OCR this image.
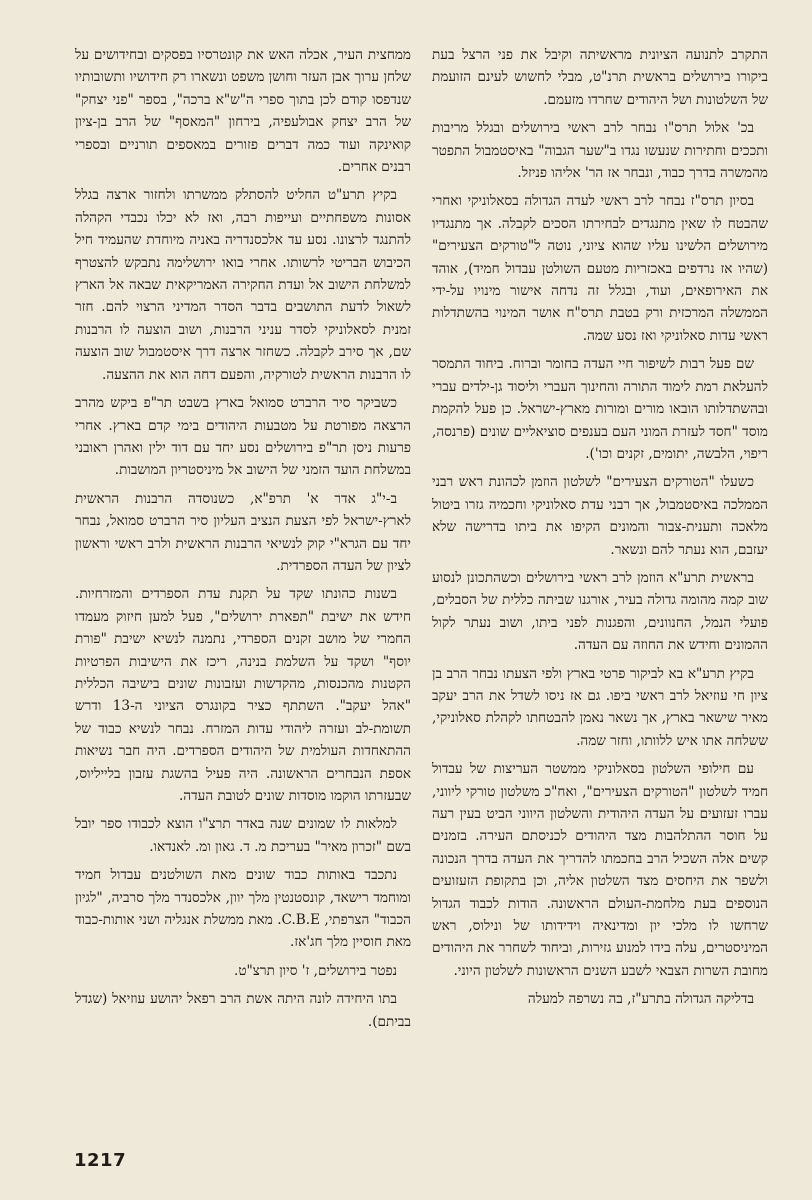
התקרב לתנועה הציונית מראשיתה וקיבל את פני הרצל בעת ביקורו בירושלים בראשית תרנ"ט, מבלי לחשוש לעינם הזועמת של השלטונות ושל היהודים שחרדו מזעמם.

בכ' אלול תרס"ו נבחר לרב ראשי בירושלים ובגלל מריבות ותככים וחתירות שנעשו נגדו ב"שער הגבוה" באיסטמבול התפטר מהמשרה בדרך כבוד, ונבחר אז הר' אליהו פניזל.

בסיון תרס"ז נבחר לרב ראשי לעדה הגדולה בסאלוניקי ואחרי שהבטח לו שאין מתנגדים לבחירתו הסכים לקבלה. אך מתנגדיו מירושלים הלשינו עליו שהוא ציוני, נוטה ל"טורקים הצעירים" (שהיו אז נרדפים באכזריות מטעם השולטן עבדול חמיד), אוהד את האירופאים, ועוד, ובגלל זה נדחה אישור מינויו על-ידי הממשלה המרכזית ורק בטבת תרס"ח אושר המינוי בהשתדלות ראשי עדות סאלוניקי ואז נסע שמה.

שם פעל רבות לשיפור חיי העדה בחומר וברוח. ביחוד התמסר להעלאת רמת לימוד התורה והחינוך העברי וליסוד גן-ילדים עברי ובהשתדלותו הובאו מורים ומורות מארץ-ישראל. כן פעל להקמת מוסד "חסד לעזרת המוני העם בענפים סוציאליים שונים (פרנסה, ריפוי, הלבשה, יתומים, זקנים וכו').

כשעלו "הטורקים הצעירים" לשלטון הוזמן לכהונת ראש רבני הממלכה באיסטמבול, אך רבני עדת סאלוניקי וחכמיה גזרו ביטול מלאכה ותענית-צבור והמונים הקיפו את ביתו בדרישה שלא יעזבם, הוא נעתר להם ונשאר.

בראשית תרע"א הוזמן לרב ראשי בירושלים וכשהתכונן לנסוע שוב קמה מהומה גדולה בעיר, אורגנו שביתה כללית של הסבלים, פועלי הנמל, החנוונים, והפגנות לפני ביתו, ושוב נעתר לקול ההמונים וחידש את החוזה עם העדה.

בקיץ תרע"א בא לביקור פרטי בארץ ולפי הצעתו נבחר הרב בן ציון חי עוזיאל לרב ראשי ביפו. גם אז ניסו לשדל את הרב יעקב מאיר שישאר בארץ, אך נשאר נאמן להבטחתו לקהלת סאלוניקי, ששלחה אתו איש ללוותו, וחזר שמה.

עם חילופי השלטון בסאלוניקי ממשטר העריצות של עבדול חמיד לשלטון "הטורקים הצעירים", ואח"כ משלטון טורקי ליווני, עברו זעזועים על העדה היהודית והשלטון היווני הביט בעין רעה על חוסר ההתלהבות מצד היהודים לכניסתם העירה. בזמנים קשים אלה השכיל הרב בחכמתו להדריך את העדה בדרך הנכונה ולשפר את היחסים מצד השלטון אליה, וכן בתקופת הזעזועים הנוספים בעת מלחמת-העולם הראשונה. הודות לכבוד הגדול שרחשו לו מלכי יון ומדינאיה וידידותו של ונילוס, ראש המיניסטרים, עלה בידו למנוע גזירות, וביחוד לשחרר את היהודים מחובת השרות הצבאי לשבע השנים הראשונות לשלטון היוני.

בדליקה הגדולה בתרע"ז, בה נשרפה למעלה

ממחצית העיר, אכלה האש את קונטרסיו בפסקים ובחידושים על שלחן ערוך אבן העזר וחושן משפט ונשארו רק חידושיו ותשובותיו שנדפסו קודם לכן בתוך ספרי ה"ש"א ברכה", בספר "פני יצחק" של הרב יצחק אבולעפיה, בירחון "המאסף" של הרב בן-ציון קואינקה ועוד כמה דברים פזורים במאספים תורניים ובספרי רבנים אחרים.

בקיץ תרע"ט החליט להסתלק ממשרתו ולחזור ארצה בגלל אסונות משפחתיים ועייפות רבה, ואז לא יכלו נכבדי הקהלה להתנגד לרצונו. נסע עד אלכסנדריה באניה מיוחדת שהעמיד חיל הכיבוש הבריטי לרשותו. אחרי בואו ירושלימה נתבקש להצטרף למשלחת הישוב אל ועדת החקירה האמריקאית שבאה אל הארץ לשאול לדעת התושבים בדבר הסדר המדיני הרצוי להם. חזר זמנית לסאלוניקי לסדר עניני הרבנות, ושוב הוצעה לו הרבנות שם, אך סירב לקבלה. כשחזר ארצה דרך איסטמבול שוב הוצעה לו הרבנות הראשית לטורקיה, והפעם דחה הוא את ההצעה.

כשביקר סיר הרברט סמואל בארץ בשבט תר"פ ביקש מהרב הרצאה מפורטת על מטבעות היהודים בימי קדם בארץ. אחרי פרעות ניסן תר"פ בירושלים נסע יחד עם דוד ילין ואהרן ראובני במשלחת הועד הזמני של הישוב אל מיניסטריון המושבות.

ב-י"ג אדר א' תרפ"א, כשנוסדה הרבנות הראשית לארץ-ישראל לפי הצעת הנציב העליון סיר הרברט סמואל, נבחר יחד עם הגרא"י קוק לנשיאי הרבנות הראשית ולרב ראשי וראשון לציון של העדה הספרדית.

בשנות כהונתו שקד על תקנת עדת הספרדים והמזרחיות. חידש את ישיבת "תפארת ירושלים", פעל למען חיזוק מעמדו החמרי של מושב זקנים הספרדי, נתמנה לנשיא ישיבת "פורת יוסף" ושקד על השלמת בנינה, ריכז את הישיבות הפרטיות הקטנות מהכנסות, מהקדשות ועזבונות שונים בישיבה הכללית "אהל יעקב". השתתף כציר בקונגרס הציוני ה-13 ודרש תשומת-לב ועזרה ליהודי עדות המזרח. נבחר לנשיא כבוד של ההתאחדות העולמית של היהודים הספרדים. היה חבר נשיאות אספת הנבחרים הראשונה. היה פעיל בהשגת עזבון בלייליוס, שבעזרתו הוקמו מוסדות שונים לטובת העדה.

למלאות לו שמונים שנה באדר תרצ"ו הוצא לכבודו ספר יובל בשם "זכרון מאיר" בעריכת מ. ד. גאון ומ. לאנדאו.

נתכבד באותות כבוד שונים מאת השולטנים עבדול חמיד ומוחמד רישאד, קונסטנטין מלך יוון, אלכסנדר מלך סרביה, "לגיון הכבוד" הצרפתי, C.B.E. מאת ממשלת אנגליה ושני אותות-כבוד מאת חוסיין מלך חג'אז.

נפטר בירושלים, ז' סיון תרצ"ט.

בתו היחידה לונה היתה אשת הרב רפאל יהושע עוזיאל (שגדל בביתם).

1217
